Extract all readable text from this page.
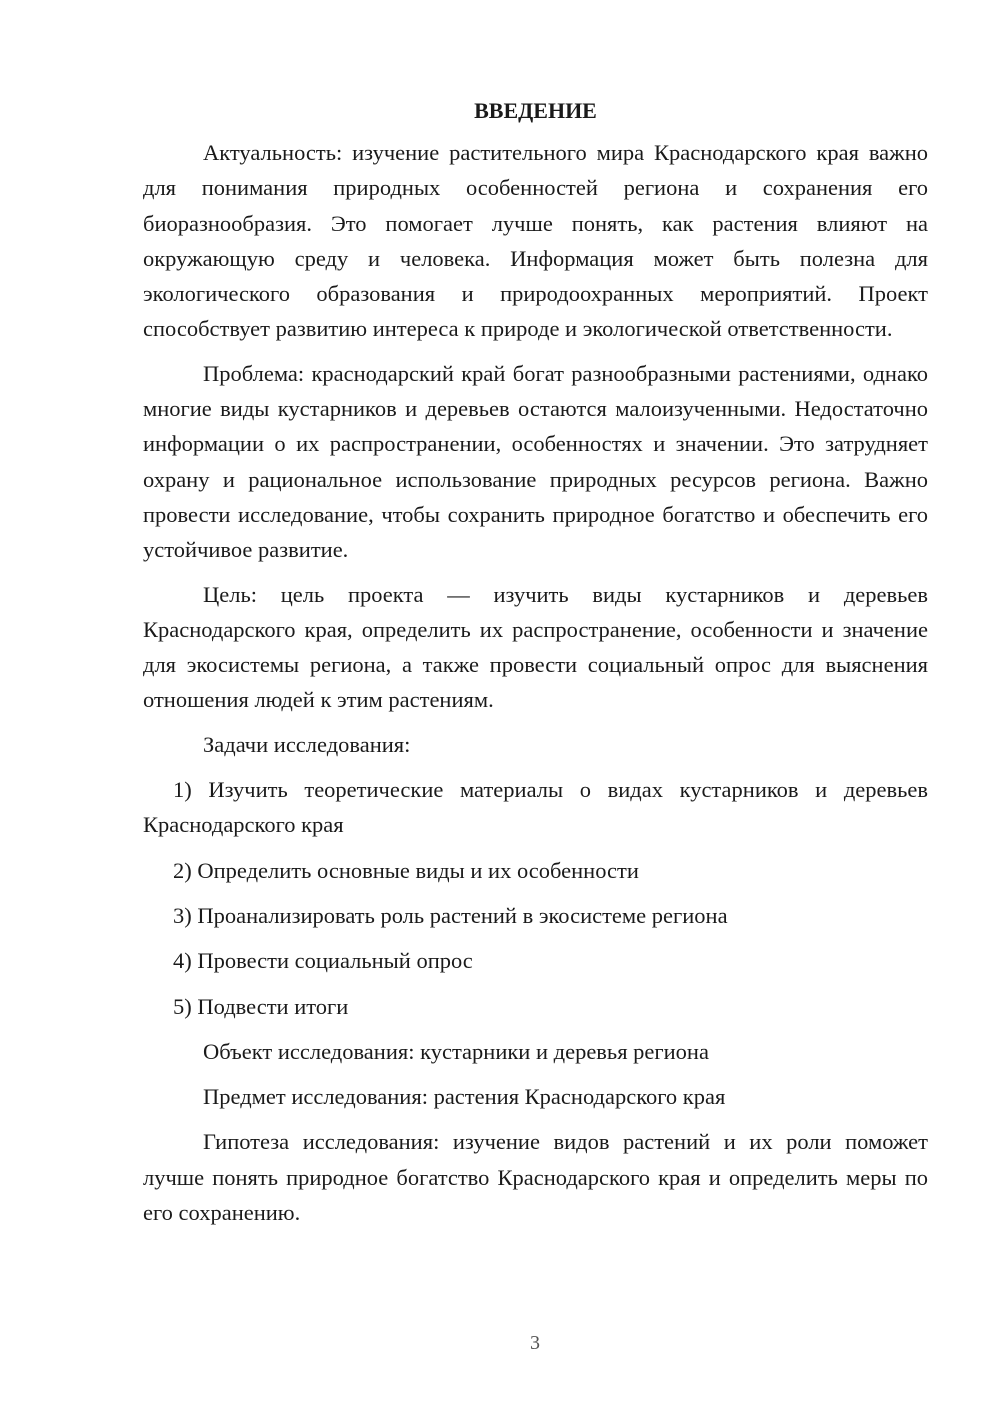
ВВЕДЕНИЕ

Актуальность: изучение растительного мира Краснодарского края важно для понимания природных особенностей региона и сохранения его биоразнообразия. Это помогает лучше понять, как растения влияют на окружающую среду и человека. Информация может быть полезна для экологического образования и природоохранных мероприятий. Проект способствует развитию интереса к природе и экологической ответственности.

Проблема: краснодарский край богат разнообразными растениями, однако многие виды кустарников и деревьев остаются малоизученными. Недостаточно информации о их распространении, особенностях и значении. Это затрудняет охрану и рациональное использование природных ресурсов региона. Важно провести исследование, чтобы сохранить природное богатство и обеспечить его устойчивое развитие.

Цель: цель проекта — изучить виды кустарников и деревьев Краснодарского края, определить их распространение, особенности и значение для экосистемы региона, а также провести социальный опрос для выяснения отношения людей к этим растениям.

Задачи исследования:

1) Изучить теоретические материалы о видах кустарников и деревьев Краснодарского края

2) Определить основные виды и их особенности

3) Проанализировать роль растений в экосистеме региона

4) Провести социальный опрос

5) Подвести итоги

Объект исследования: кустарники и деревья региона

Предмет исследования: растения Краснодарского края

Гипотеза исследования: изучение видов растений и их роли поможет лучше понять природное богатство Краснодарского края и определить меры по его сохранению.

3
